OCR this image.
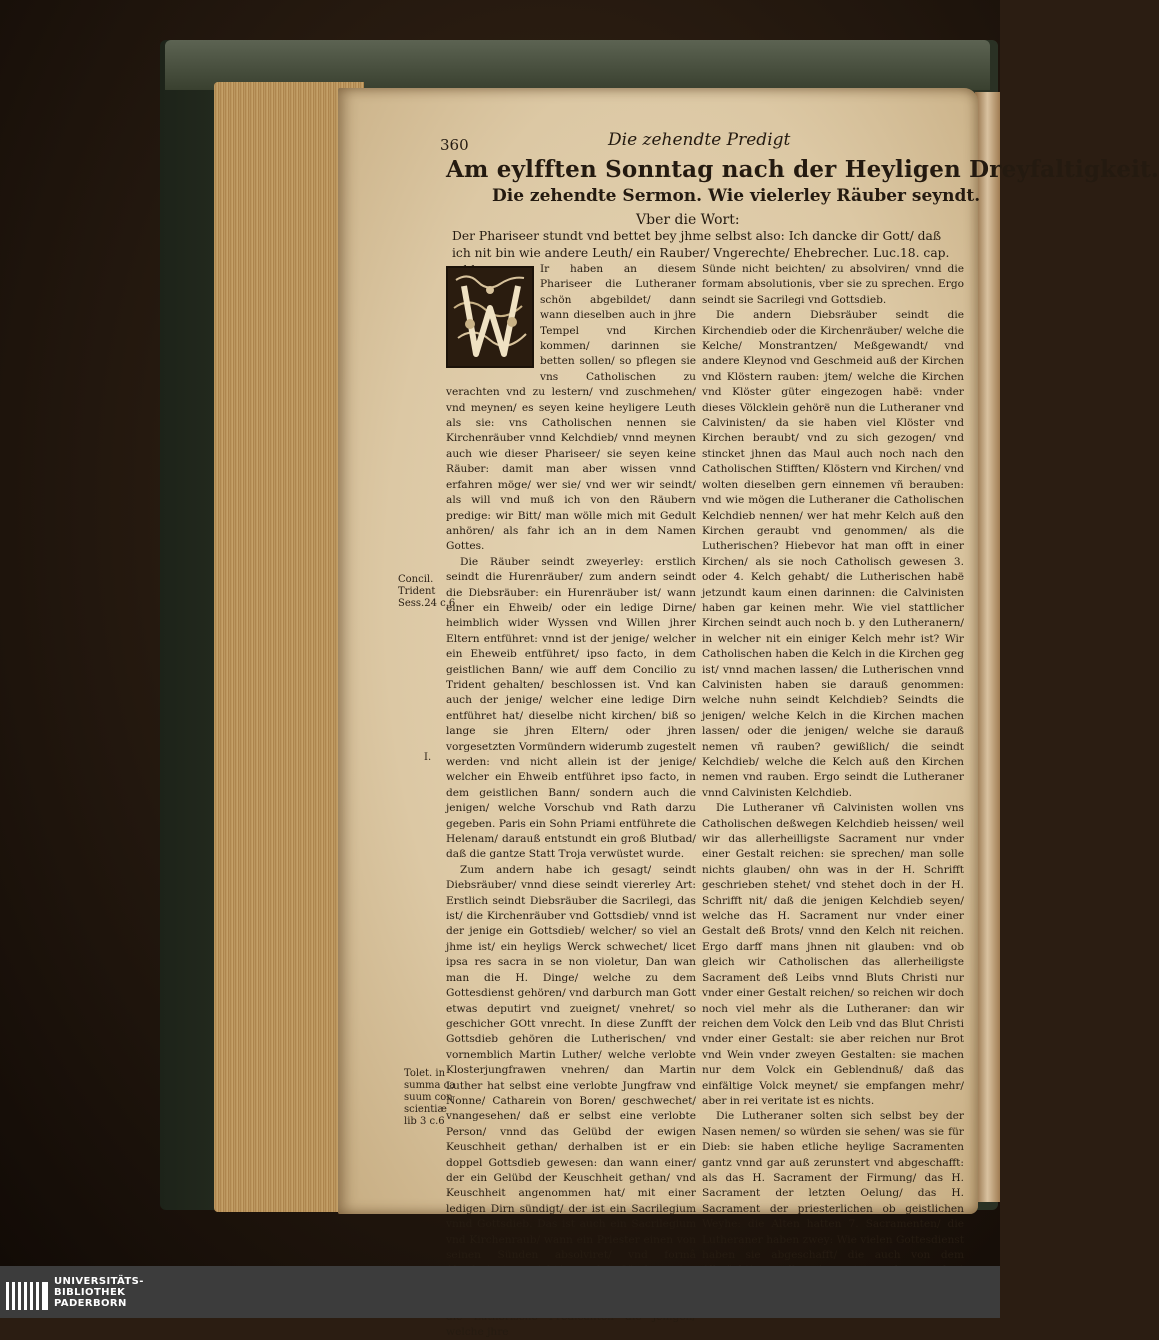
360	Die zehendte Predigt
Am eylfften Sonntag nach der Heyligen Dreyfaltigkeit.
Die zehendte Sermon. Wie vielerley Räuber seyndt.
Vber die Wort:
Der Phariseer stundt vnd bettet bey jhme selbst also: Ich dancke dir Gott/ daß ich nit bin wie andere Leuth/ ein Rauber/ Vngerechte/ Ehebrecher. Luc.18. cap.

Ir haben an diesem Phariseer die Lutheraner schön abgebildet/ dann wann dieselben auch in jhre Tempel vnd Kirchen kommen/ darinnen sie betten sollen/ so pflegen sie vns Catholischen zu verachten vnd zu lestern/ vnd zuschmehen/ vnd meynen/ es seyen keine heyligere Leuth als sie: vns Catholischen nennen sie Kirchenräuber vnnd Kelchdieb/ vnnd meynen auch wie dieser Phariseer/ sie seyen keine Räuber: damit man aber wissen vnnd erfahren möge/ wer sie/ vnd wer wir seindt/ als will vnd muß ich von den Räubern predige: wir Bitt/ man wölle mich mit Gedult anhören/ als fahr ich an in dem Namen Gottes.

Die Räuber seindt zweyerley: erstlich seindt die Hurenräuber/ zum andern seindt die Diebsräuber: ein Hurenräuber ist/ wann einer ein Ehweib/ oder ein ledige Dirne/ heimblich wider Wyssen vnd Willen jhrer Eltern entführet: vnnd ist der jenige/ welcher ein Eheweib entführet/ ipso facto, in dem geistlichen Bann/ wie auff dem Concilio zu Trident gehalten/ beschlossen ist. Vnd kan auch der jenige/ welcher eine ledige Dirn entführet hat/ dieselbe nicht kirchen/ biß so lange sie jhren Eltern/ oder jhren vorgesetzten Vormündern widerumb zugestelt werden: vnd nicht allein ist der jenige/ welcher ein Ehweib entführet ipso facto, in dem geistlichen Bann/ sondern auch die jenigen/ welche Vorschub vnd Rath darzu gegeben. Paris ein Sohn Priami entführete die Helenam/ darauß entstundt ein groß Blutbad/ daß die gantze Statt Troja verwüstet wurde.

Zum andern habe ich gesagt/ seindt Diebsräuber/ vnnd diese seindt viererley Art: Erstlich seindt Diebsräuber die Sacrilegi, das ist/ die Kirchenräuber vnd Gottsdieb/ vnnd ist der jenige ein Gottsdieb/ welcher/ so viel an jhme ist/ ein heyligs Werck schwechet/ licet ipsa res sacra in se non violetur, Dan wan man die H. Dinge/ welche zu dem Gottesdienst gehören/ vnd darburch man Gott etwas deputirt vnd zueignet/ vnehret/ so geschicher GOtt vnrecht. In diese Zunfft der Gottsdieb gehören die Lutherischen/ vnd vornemblich Martin Luther/ welche verlobte Klosterjungfrawen vnehren/ dan Martin Luther hat selbst eine verlobte Jungfraw vnd Nonne/ Catharein von Boren/ geschwechet/ vnangesehen/ daß er selbst eine verlobte Person/ vnnd das Gelübd der ewigen Keuschheit gethan/ derhalben ist er ein doppel Gottsdieb gewesen: dan wann einer/ der ein Gelübd der Keuschheit gethan/ vnd Keuschheit angenommen hat/ mit einer ledigen Dirn sündigt/ der ist ein Sacrilegium vnnd Gottsdieb. Das ist auch ein Sacrilegium vnd Kirchenraub/ wann ein Priester einen von seinen Sünden absolviret/ vnd formâ welche jhre

Sünde nicht beichten/ zu absolviren/ vnnd die formam absolutionis, vber sie zu sprechen. Ergo seindt sie Sacrilegi vnd Gottsdieb.

Die andern Diebsräuber seindt die Kirchendieb oder die Kirchenräuber/ welche die Kelche/ Monstrantzen/ Meßgewandt/ vnd andere Kleynod vnd Geschmeid auß der Kirchen vnd Klöstern rauben: jtem/ welche die Kirchen vnd Klöster güter eingezogen habë: vnder dieses Völcklein gehörë nun die Lutheraner vnd Calvinisten/ da sie haben viel Klöster vnd Kirchen beraubt/ vnd zu sich gezogen/ vnd stincket jhnen das Maul auch noch nach den Catholischen Stifften/ Klöstern vnd Kirchen/ vnd wolten dieselben gern einnemen vñ berauben: vnd wie mögen die Lutheraner die Catholischen Kelchdieb nennen/ wer hat mehr Kelch auß den Kirchen geraubt vnd genommen/ als die Lutherischen? Hiebevor hat man offt in einer Kirchen/ als sie noch Catholisch gewesen 3. oder 4. Kelch gehabt/ die Lutherischen habë jetzundt kaum einen darinnen: die Calvinisten haben gar keinen mehr. Wie viel stattlicher Kirchen seindt auch noch b. y den Lutheranern/ in welcher nit ein einiger Kelch mehr ist? Wir Catholischen haben die Kelch in die Kirchen geg ist/ vnnd machen lassen/ die Lutherischen vnnd Calvinisten haben sie darauß genommen: welche nuhn seindt Kelchdieb? Seindts die jenigen/ welche Kelch in die Kirchen machen lassen/ oder die jenigen/ welche sie darauß nemen vñ rauben? gewißlich/ die seindt Kelchdieb/ welche die Kelch auß den Kirchen nemen vnd rauben. Ergo seindt die Lutheraner vnnd Calvinisten Kelchdieb.

Die Lutheraner vñ Calvinisten wollen vns Catholischen deßwegen Kelchdieb heissen/ weil wir das allerheilligste Sacrament nur vnder einer Gestalt reichen: sie sprechen/ man solle nichts glauben/ ohn was in der H. Schrifft geschrieben stehet/ vnd stehet doch in der H. Schrifft nit/ daß die jenigen Kelchdieb seyen/ welche das H. Sacrament nur vnder einer Gestalt deß Brots/ vnnd den Kelch nit reichen. Ergo darff mans jhnen nit glauben: vnd ob gleich wir Catholischen das allerheiligste Sacrament deß Leibs vnnd Bluts Christi nur vnder einer Gestalt reichen/ so reichen wir doch noch viel mehr als die Lutheraner: dan wir reichen dem Volck den Leib vnd das Blut Christi vnder einer Gestalt: sie aber reichen nur Brot vnd Wein vnder zweyen Gestalten: sie machen nur dem Volck ein Geblendnuß/ daß das einfältige Volck meynet/ sie empfangen mehr/ aber in rei veritate ist es nichts.

Die Lutheraner solten sich selbst bey der Nasen nemen/ so würden sie sehen/ was sie für Dieb: sie haben etliche heylige Sacramenten gantz vnnd gar auß zerunstert vnd abgeschafft: als das H. Sacrament der Firmung/ das H. Sacrament der letzten Oelung/ das H. Sacrament der priesterlichen ob geistlichen Weyhe: die Alten hatten 7. Sacramenten/ die Lutheraner haben zwey: Wie vielen Gottesdienst haben sie abgeschafft/ die auch von dem

Concil.
Trident
Sess.24 c.6
I.
Tolet. in
summa ca
suum con
scientiæ
lib 3 c.6
UNIVERSITÄTS-
BIBLIOTHEK
PADERBORN
